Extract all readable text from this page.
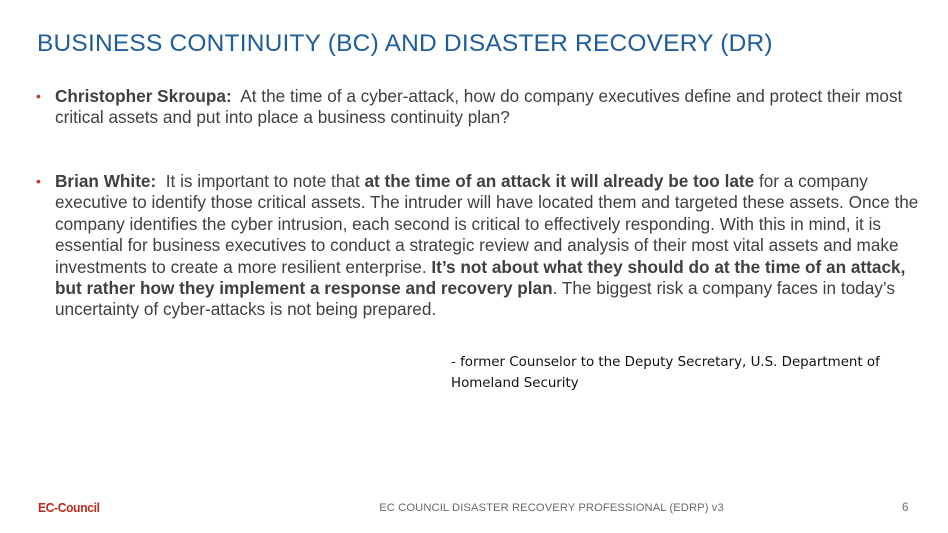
BUSINESS CONTINUITY (BC) AND DISASTER RECOVERY (DR)
• Christopher Skroupa: At the time of a cyber-attack, how do company executives define and protect their most critical assets and put into place a business continuity plan?
• Brian White: It is important to note that at the time of an attack it will already be too late for a company executive to identify those critical assets. The intruder will have located them and targeted these assets. Once the company identifies the cyber intrusion, each second is critical to effectively responding. With this in mind, it is essential for business executives to conduct a strategic review and analysis of their most vital assets and make investments to create a more resilient enterprise. It’s not about what they should do at the time of an attack, but rather how they implement a response and recovery plan. The biggest risk a company faces in today’s uncertainty of cyber-attacks is not being prepared.
- former Counselor to the Deputy Secretary, U.S. Department of Homeland Security
EC-Council	EC COUNCIL DISASTER RECOVERY PROFESSIONAL (EDRP) v3	6
